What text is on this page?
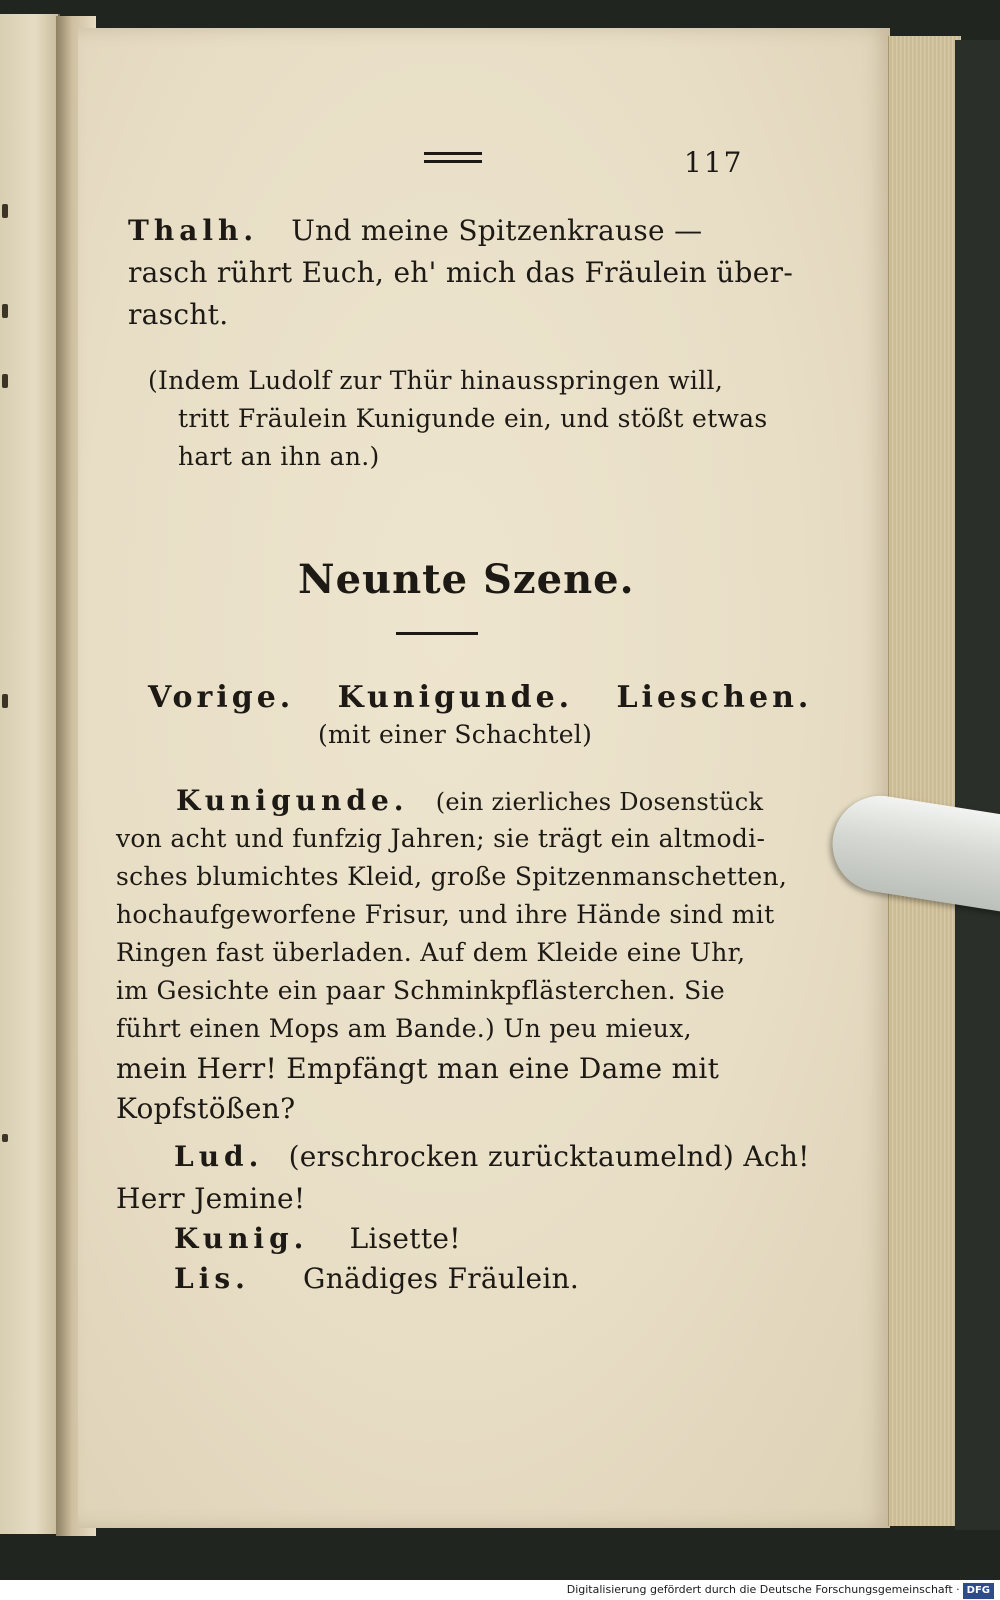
117
Thalh. Und meine Spitzenkrause —
rasch rührt Euch, eh' mich das Fräulein über-
rascht.
(Indem Ludolf zur Thür hinausspringen will,
tritt Fräulein Kunigunde ein, und stößt etwas
hart an ihn an.)
Neunte Szene.
Vorige.   Kunigunde.   Lieschen.
(mit einer Schachtel)
Kunigunde. (ein zierliches Dosenstück
von acht und funfzig Jahren; sie trägt ein altmodi-
sches blumichtes Kleid, große Spitzenmanschetten,
hochaufgeworfene Frisur, und ihre Hände sind mit
Ringen fast überladen. Auf dem Kleide eine Uhr,
im Gesichte ein paar Schminkpflästerchen. Sie
führt einen Mops am Bande.) Un peu mieux,
mein Herr! Empfängt man eine Dame mit
Kopfstößen?
Lud. (erschrocken zurücktaumelnd) Ach!
Herr Jemine!
Kunig. Lisette!
Lis. Gnädiges Fräulein.
Digitalisierung gefördert durch die Deutsche Forschungsgemeinschaft · DFG
